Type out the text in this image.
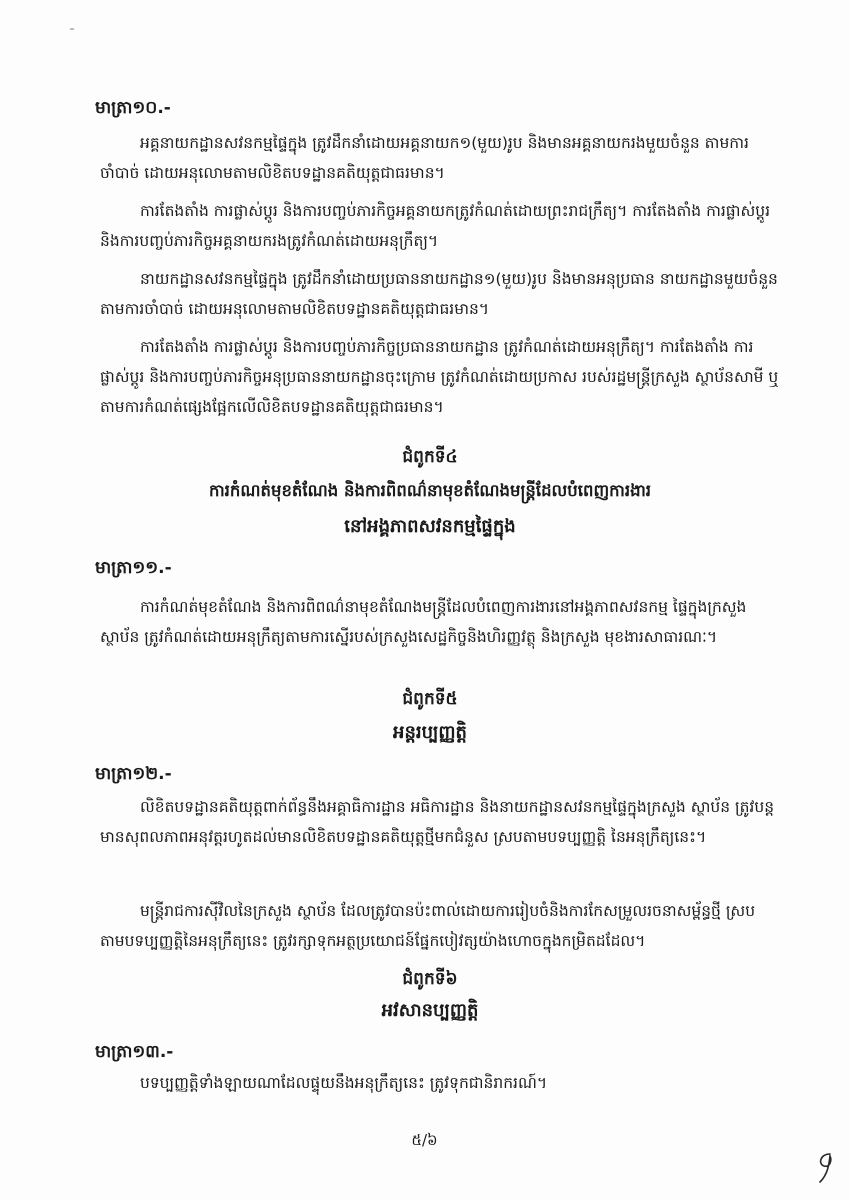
មាត្រា១០.-
អគ្គនាយកដ្ឋានសវនកម្មផ្ទៃក្នុង ត្រូវដឹកនាំដោយអគ្គនាយក១(មួយ)រូប និងមានអគ្គនាយករងមួយចំនួន តាមការចាំបាច់ ដោយអនុលោមតាមលិខិតបទដ្ឋានគតិយុត្តជាធរមាន។
ការតែងតាំង ការផ្លាស់ប្តូរ និងការបញ្ចប់ភារកិច្ចអគ្គនាយកត្រូវកំណត់ដោយព្រះរាជក្រឹត្យ។ ការតែងតាំង ការផ្លាស់ប្តូរ និងការបញ្ចប់ភារកិច្ចអគ្គនាយករងត្រូវកំណត់ដោយអនុក្រឹត្យ។
នាយកដ្ឋានសវនកម្មផ្ទៃក្នុង ត្រូវដឹកនាំដោយប្រធាននាយកដ្ឋាន១(មួយ)រូប និងមានអនុប្រធាន នាយកដ្ឋានមួយចំនួនតាមការចាំបាច់ ដោយអនុលោមតាមលិខិតបទដ្ឋានគតិយុត្តជាធរមាន។
ការតែងតាំង ការផ្លាស់ប្តូរ និងការបញ្ចប់ភារកិច្ចប្រធាននាយកដ្ឋាន ត្រូវកំណត់ដោយអនុក្រឹត្យ។ ការតែងតាំង ការផ្លាស់ប្តូរ និងការបញ្ចប់ភារកិច្ចអនុប្រធាននាយកដ្ឋានចុះក្រោម ត្រូវកំណត់ដោយប្រកាស របស់រដ្ឋមន្ត្រីក្រសួង ស្ថាប័នសាមី ឬតាមការកំណត់ផ្សេងផ្អែកលើលិខិតបទដ្ឋានគតិយុត្តជាធរមាន។
ជំពូកទី៤
ការកំណត់មុខតំណែង និងការពិពណ៌នាមុខតំណែងមន្ត្រីដែលបំពេញការងារ
នៅអង្គភាពសវនកម្មផ្ទៃក្នុង
មាត្រា១១.-
ការកំណត់មុខតំណែង និងការពិពណ៌នាមុខតំណែងមន្ត្រីដែលបំពេញការងារនៅអង្គភាពសវនកម្ម ផ្ទៃក្នុងក្រសួង ស្ថាប័ន ត្រូវកំណត់ដោយអនុក្រឹត្យតាមការស្នើរបស់ក្រសួងសេដ្ឋកិច្ចនិងហិរញ្ញវត្ថុ និងក្រសួង មុខងារសាធារណៈ។
ជំពូកទី៥
អន្តរប្បញ្ញត្តិ
មាត្រា១២.-
លិខិតបទដ្ឋានគតិយុត្តពាក់ព័ន្ធនឹងអគ្គាធិការដ្ឋាន អធិការដ្ឋាន និងនាយកដ្ឋានសវនកម្មផ្ទៃក្នុងក្រសួង ស្ថាប័ន ត្រូវបន្តមានសុពលភាពអនុវត្តរហូតដល់មានលិខិតបទដ្ឋានគតិយុត្តថ្មីមកជំនួស ស្របតាមបទប្បញ្ញត្តិ នៃអនុក្រឹត្យនេះ។
មន្ត្រីរាជការស៊ីវិលនៃក្រសួង ស្ថាប័ន ដែលត្រូវបានប៉ះពាល់ដោយការរៀបចំនិងការកែសម្រួលរចនាសម្ព័ន្ធថ្មី ស្របតាមបទប្បញ្ញត្តិនៃអនុក្រឹត្យនេះ ត្រូវរក្សាទុកអត្ថប្រយោជន៍ផ្នែកបៀវត្សយ៉ាងហោចក្នុងកម្រិតដដែល។
ជំពូកទី៦
អវសានប្បញ្ញត្តិ
មាត្រា១៣.-
បទប្បញ្ញត្តិទាំងឡាយណាដែលផ្ទុយនឹងអនុក្រឹត្យនេះ ត្រូវទុកជានិរាករណ៍។
៥/៦
